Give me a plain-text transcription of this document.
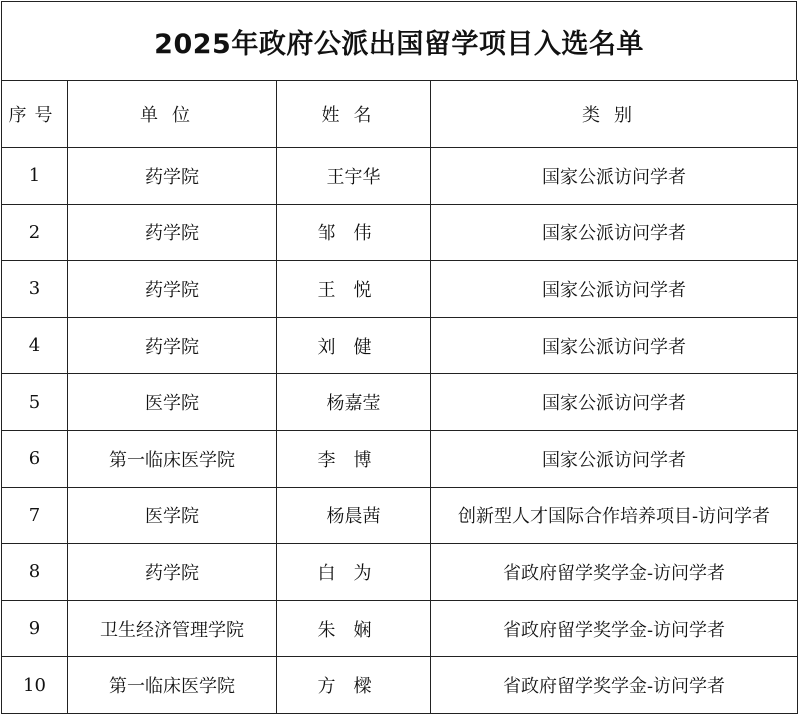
2025年政府公派出国留学项目入选名单
序号	单位	姓名	类别
1	药学院	王宇华	国家公派访问学者
2	药学院	邹伟	国家公派访问学者
3	药学院	王悦	国家公派访问学者
4	药学院	刘健	国家公派访问学者
5	医学院	杨嘉莹	国家公派访问学者
6	第一临床医学院	李博	国家公派访问学者
7	医学院	杨晨茜	创新型人才国际合作培养项目-访问学者
8	药学院	白为	省政府留学奖学金-访问学者
9	卫生经济管理学院	朱娴	省政府留学奖学金-访问学者
10	第一临床医学院	方樑	省政府留学奖学金-访问学者
